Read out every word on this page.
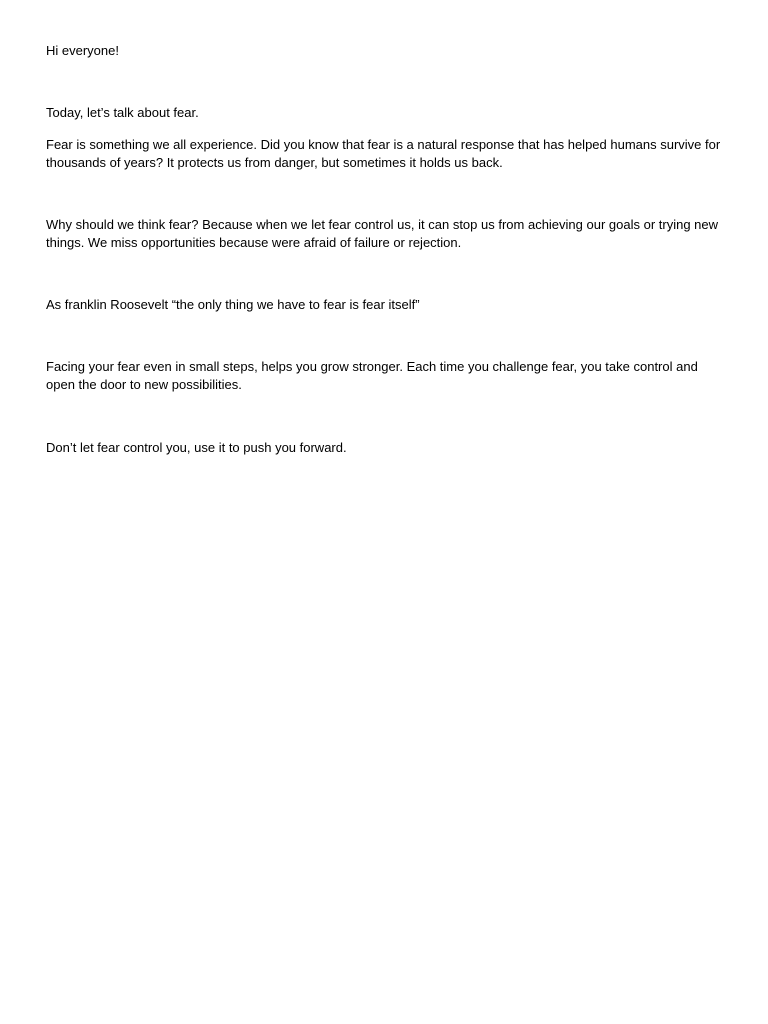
Hi everyone!

Today, let’s talk about fear.

Fear is something we all experience. Did you know that fear is a natural response that has helped humans survive for thousands of years? It protects us from danger, but sometimes it holds us back.

Why should we think fear? Because when we let fear control us, it can stop us from achieving our goals or trying new things. We miss opportunities because were afraid of failure or rejection.

As franklin Roosevelt “the only thing we have to fear is fear itself”

Facing your fear even in small steps, helps you grow stronger. Each time you challenge fear, you take control and open the door to new possibilities.

Don’t let fear control you, use it to push you forward.
